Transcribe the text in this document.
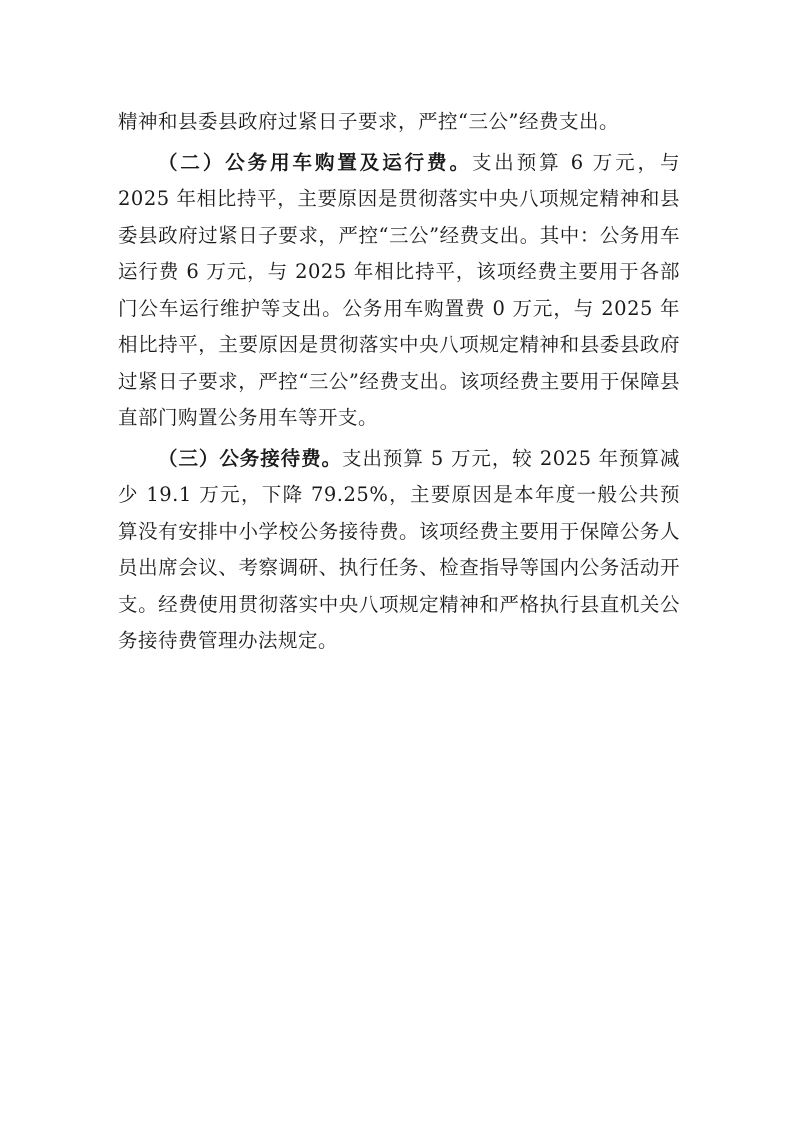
精神和县委县政府过紧日子要求，严控“三公”经费支出。

（二）公务用车购置及运行费。支出预算 6 万元，与 2025 年相比持平，主要原因是贯彻落实中央八项规定精神和县委县政府过紧日子要求，严控“三公”经费支出。其中：公务用车运行费 6 万元，与 2025 年相比持平，该项经费主要用于各部门公车运行维护等支出。公务用车购置费 0 万元，与 2025 年相比持平，主要原因是贯彻落实中央八项规定精神和县委县政府过紧日子要求，严控“三公”经费支出。该项经费主要用于保障县直部门购置公务用车等开支。

（三）公务接待费。支出预算 5 万元，较 2025 年预算减少 19.1 万元，下降 79.25%，主要原因是本年度一般公共预算没有安排中小学校公务接待费。该项经费主要用于保障公务人员出席会议、考察调研、执行任务、检查指导等国内公务活动开支。经费使用贯彻落实中央八项规定精神和严格执行县直机关公务接待费管理办法规定。
